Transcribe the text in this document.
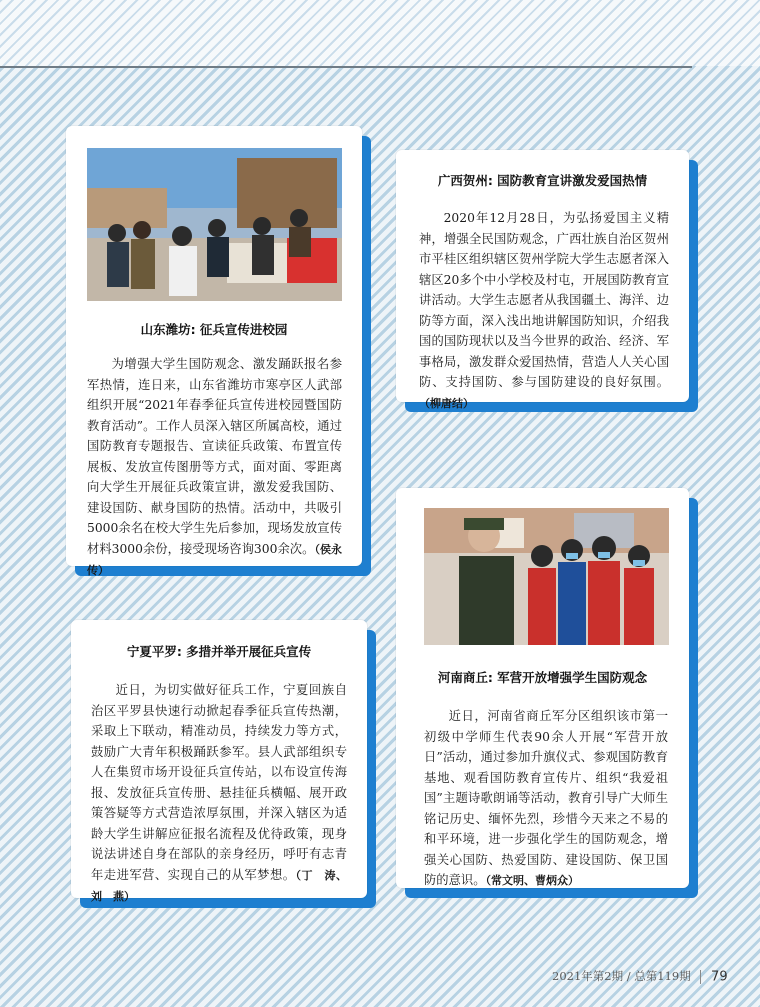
山东潍坊: 征兵宣传进校园
为增强大学生国防观念、激发踊跃报名参军热情，连日来，山东省潍坊市寒亭区人武部组织开展“2021年春季征兵宣传进校园暨国防教育活动”。工作人员深入辖区所属高校，通过国防教育专题报告、宣读征兵政策、布置宣传展板、发放宣传图册等方式，面对面、零距离向大学生开展征兵政策宣讲，激发爱我国防、建设国防、献身国防的热情。活动中，共吸引5000余名在校大学生先后参加，现场发放宣传材料3000余份，接受现场咨询300余次。（侯永传）
广西贺州: 国防教育宣讲激发爱国热情
2020年12月28日，为弘扬爱国主义精神，增强全民国防观念，广西壮族自治区贺州市平桂区组织辖区贺州学院大学生志愿者深入辖区20多个中小学校及村屯，开展国防教育宣讲活动。大学生志愿者从我国疆土、海洋、边防等方面，深入浅出地讲解国防知识，介绍我国的国防现状以及当今世界的政治、经济、军事格局，激发群众爱国热情，营造人人关心国防、支持国防、参与国防建设的良好氛围。（柳唐结）
宁夏平罗: 多措并举开展征兵宣传
近日，为切实做好征兵工作，宁夏回族自治区平罗县快速行动掀起春季征兵宣传热潮，采取上下联动，精准动员，持续发力等方式，鼓励广大青年积极踊跃参军。县人武部组织专人在集贸市场开设征兵宣传站，以布设宣传海报、发放征兵宣传册、悬挂征兵横幅、展开政策答疑等方式营造浓厚氛围，并深入辖区为适龄大学生讲解应征报名流程及优待政策，现身说法讲述自身在部队的亲身经历，呼吁有志青年走进军营、实现自己的从军梦想。（丁　涛、刘　燕）
河南商丘: 军营开放增强学生国防观念
近日，河南省商丘军分区组织该市第一初级中学师生代表90余人开展“军营开放日”活动，通过参加升旗仪式、参观国防教育基地、观看国防教育宣传片、组织“我爱祖国”主题诗歌朗诵等活动，教育引导广大师生铭记历史、缅怀先烈，珍惜今天来之不易的和平环境，进一步强化学生的国防观念，增强关心国防、热爱国防、建设国防、保卫国防的意识。（常文明、曹炳众）
2021年第2期 / 总第119期 79
